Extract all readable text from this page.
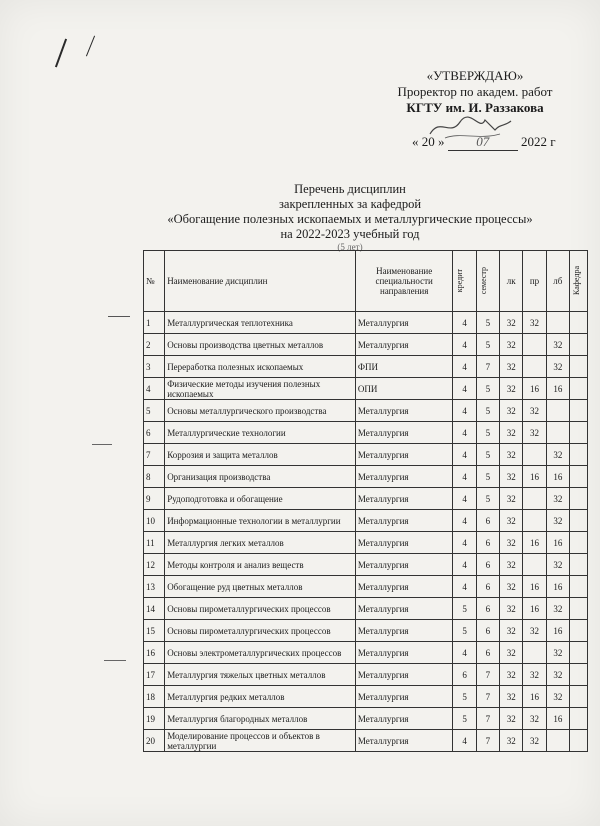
«УТВЕРЖДАЮ»
Проректор по академ. работ
КГТУ им. И. Раззакова
« 20 » 07 2022 г
Перечень дисциплин
закрепленных за кафедрой
«Обогащение полезных ископаемых и металлургические процессы»
на 2022-2023 учебный год
(5 лет)
№	Наименование дисциплин	Наименование специальности направления	кредит	семестр	лк	пр	лб	Кафедра

1	Металлургическая теплотехника	Металлургия	4	5	32	32		
2	Основы производства цветных металлов	Металлургия	4	5	32		32	
3	Переработка полезных ископаемых	ФПИ	4	7	32		32	
4	Физические методы изучения полезных ископаемых	ОПИ	4	5	32	16	16	
5	Основы металлургического производства	Металлургия	4	5	32	32		
6	Металлургические технологии	Металлургия	4	5	32	32		
7	Коррозия и защита металлов	Металлургия	4	5	32		32	
8	Организация производства	Металлургия	4	5	32	16	16	
9	Рудоподготовка и обогащение	Металлургия	4	5	32		32	
10	Информационные технологии в металлургии	Металлургия	4	6	32		32	
11	Металлургия легких металлов	Металлургия	4	6	32	16	16	
12	Методы контроля и анализ веществ	Металлургия	4	6	32		32	
13	Обогащение руд цветных металлов	Металлургия	4	6	32	16	16	
14	Основы пирометаллургических процессов	Металлургия	5	6	32	16	32	
15	Основы пирометаллургических процессов	Металлургия	5	6	32	32	16	
16	Основы электрометаллургических процессов	Металлургия	4	6	32		32	
17	Металлургия тяжелых цветных металлов	Металлургия	6	7	32	32	32	
18	Металлургия редких металлов	Металлургия	5	7	32	16	32	
19	Металлургия благородных металлов	Металлургия	5	7	32	32	16	
20	Моделирование процессов и объектов в металлургии	Металлургия	4	7	32	32		
